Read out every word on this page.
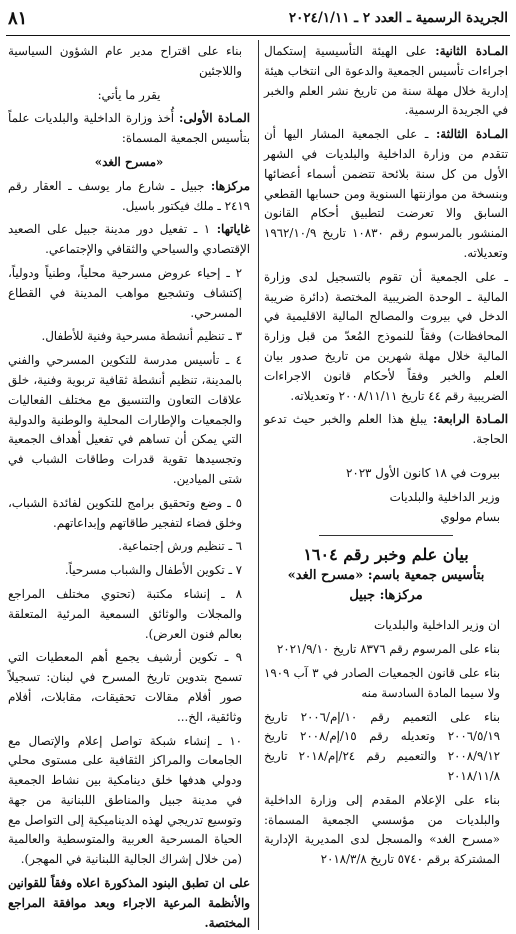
الجريدة الرسمية ـ العدد ٢ ـ ٢٠٢٤/١/١١
٨١

المـادة الثانية: على الهيئة التأسيسية إستكمال اجراءات تأسيس الجمعية والدعوة الى انتخاب هيئة إدارية خلال مهلة سنة من تاريخ نشر العلم والخبر في الجريدة الرسمية.

المـادة الثالثة: ـ على الجمعية المشار اليها أن تتقدم من وزارة الداخلية والبلديات في الشهر الأول من كل سنة بلائحة تتضمن أسماء أعضائها وبنسخة من موازنتها السنوية ومن حسابها القطعي السابق والا تعرضت لتطبيق أحكام القانون المنشور بالمرسوم رقم ١٠٨٣٠ تاريخ ١٩٦٢/١٠/٩ وتعديلاته.

ـ على الجمعية أن تقوم بالتسجيل لدى وزارة المالية ـ الوحدة الضريبية المختصة (دائرة ضريبة الدخل في بيروت والمصالح المالية الاقليمية في المحافظات) وفقاً للنموذج المُعدّ من قبل وزارة المالية خلال مهلة شهرين من تاريخ صدور بيان العلم والخبر وفقاً لأحكام قانون الاجراءات الضريبية رقم ٤٤ تاريخ ٢٠٠٨/١١/١١ وتعديلاته.

المـادة الرابعة: يبلغ هذا العلم والخبر حيث تدعو الحاجة.

بيروت في ١٨ كانون الأول ٢٠٢٣

وزير الداخلية والبلديات

بسام مولوي

بيان علم وخبر رقم ١٦٠٤
بتأسيس جمعية باسم: «مسرح الغد»
مركزها: جبيل

ان وزير الداخلية والبلديات

بناء على المرسوم رقم ٨٣٧٦ تاريخ ٢٠٢١/٩/١٠

بناء على قانون الجمعيات الصادر في ٣ آب ١٩٠٩ ولا سيما المادة السادسة منه

بناء على التعميم رقم ١٠/إم/٢٠٠٦ تاريخ ٢٠٠٦/٥/١٩ وتعديله رقم ١٥/إم/٢٠٠٨ تاريخ ٢٠٠٨/٩/١٢ والتعميم رقم ٢٤/إم/٢٠١٨ تاريخ ٢٠١٨/١١/٨

بناء على الإعلام المقدم إلى وزارة الداخلية والبلديات من مؤسسي الجمعية المسماة: «مسرح الغد» والمسجل لدى المديرية الإدارية المشتركة برقم ٥٧٤٠ تاريخ ٢٠١٨/٣/٨

بناء على اقتراح مدير عام الشؤون السياسية واللاجئين

يقرر ما يأتي:

المـادة الأولى: أُخذ وزارة الداخلية والبلديات علماً بتأسيس الجمعية المسماة:

«مسرح الغد»

مركزها: جبيل ـ شارع مار يوسف ـ العقار رقم ٢٤١٩ ـ ملك فيكتور باسيل.

غاياتها: ١ ـ تفعيل دور مدينة جبيل على الصعيد الإقتصادي والسياحي والثقافي والإجتماعي.

٢ ـ إحياء عروض مسرحية محلياً، وطنياً ودولياً، إكتشاف وتشجيع مواهب المدينة في القطاع المسرحي.

٣ ـ تنظيم أنشطة مسرحية وفنية للأطفال.

٤ ـ تأسيس مدرسة للتكوين المسرحي والفني بالمدينة، تنظيم أنشطة ثقافية تربوية وفنية، خلق علاقات التعاون والتنسيق مع مختلف الفعاليات والجمعيات والإطارات المحلية والوطنية والدولية التي يمكن أن تساهم في تفعيل أهداف الجمعية وتجسيدها تقوية قدرات وطاقات الشباب في شتى الميادين.

٥ ـ وضع وتحقيق برامج للتكوين لفائدة الشباب، وخلق فضاء لتفجير طاقاتهم وإبداعاتهم.

٦ ـ تنظيم ورش إجتماعية.

٧ ـ تكوين الأطفال والشباب مسرحياً.

٨ ـ إنشاء مكتبة (تحتوي مختلف المراجع والمجلات والوثائق السمعية المرئية المتعلقة بعالم فنون العرض).

٩ ـ تكوين أرشيف يجمع أهم المعطيات التي تسمح بتدوين تاريخ المسرح في لبنان: تسجيلاً صور أفلام مقالات تحقيقات، مقابلات، أفلام وثائقية، الخ...

١٠ ـ إنشاء شبكة تواصل إعلام والإتصال مع الجامعات والمراكز الثقافية على مستوى محلي ودولي هدفها خلق دينامكية بين نشاط الجمعية في مدينة جبيل والمناطق اللبنانية من جهة وتوسيع تدريجي لهذه الديناميكية إلى التواصل مع الحياة المسرحية العربية والمتوسطية والعالمية (من خلال إشراك الجالية اللبنانية في المهجر).

على ان تطبق البنود المذكورة اعلاه وفقاً للقوانين والأنظمة المرعية الاجراء وبعد موافقة المراجع المختصة.
